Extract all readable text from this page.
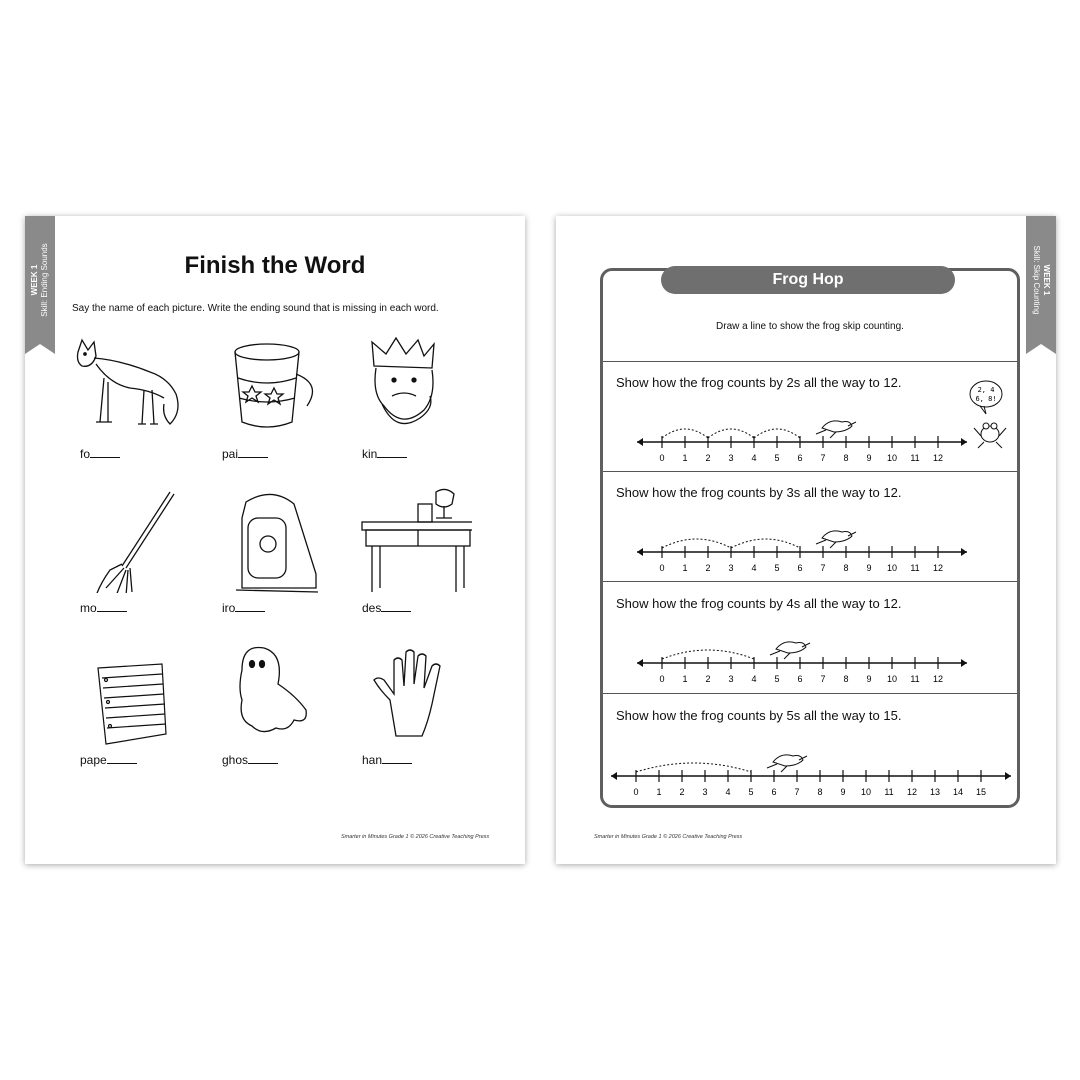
WEEK 1 Skill: Ending Sounds	Finish the Word
Say the name of each picture. Write the ending sound that is missing in each word.
fo	pai	kin
mo	iro	des
pape	ghos	han
Smarter in Minutes Grade 1 © 2026 Creative Teaching Press
WEEK 1
Skill: Skip Counting
Frog Hop
Draw a line to show the frog skip counting.
Show how the frog counts by 2s all the way to 12.
0 1 2 3 4 5 6 7 8 9 10 11 12
Show how the frog counts by 3s all the way to 12.
0 1 2 3 4 5 6 7 8 9 10 11 12
Show how the frog counts by 4s all the way to 12.
0 1 2 3 4 5 6 7 8 9 10 11 12
Show how the frog counts by 5s all the way to 15.
0 1 2 3 4 5 6 7 8 9 10 11 12 13 14 15
2, 4
6, 8!
Smarter in Minutes Grade 1 © 2026 Creative Teaching Press
